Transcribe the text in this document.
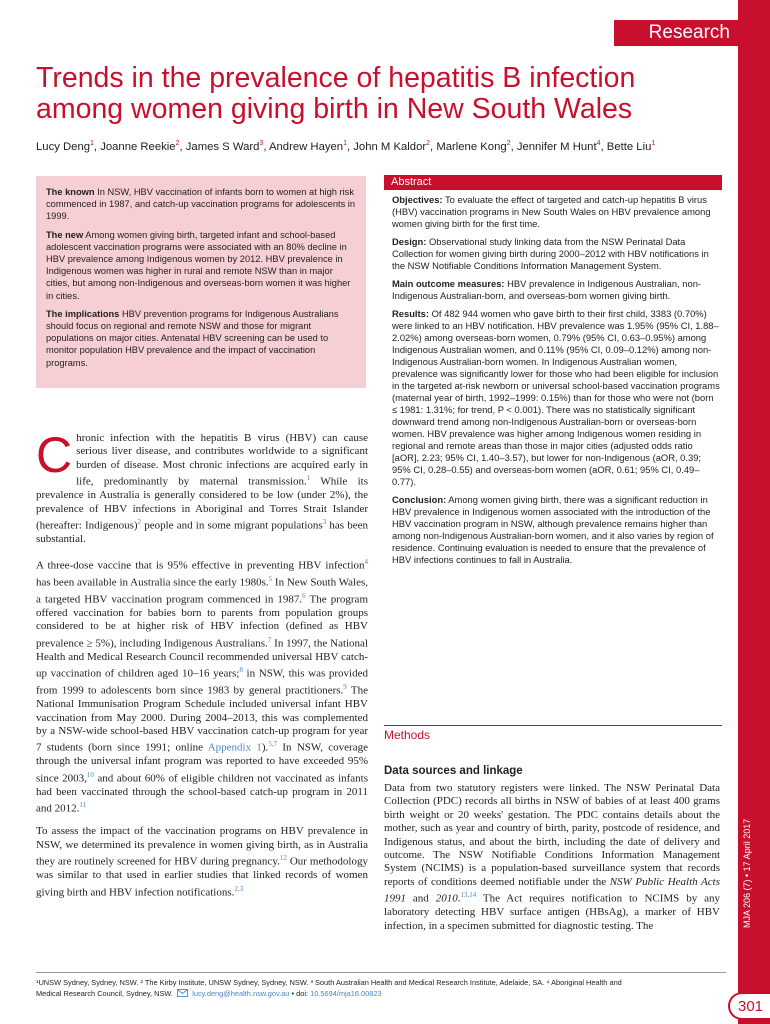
Research
MJA 206 (7) • 17 April 2017
301
Trends in the prevalence of hepatitis B infection among women giving birth in New South Wales
Lucy Deng$^1$, Joanne Reekie$^2$, James S Ward$^3$, Andrew Hayen$^1$, John M Kaldor$^2$, Marlene Kong$^2$, Jennifer M Hunt$^4$, Bette Liu$^1$

The known In NSW, HBV vaccination of infants born to women at high risk commenced in 1987, and catch-up vaccination programs for adolescents in 1999.

The new Among women giving birth, targeted infant and school-based adolescent vaccination programs were associated with an 80% decline in HBV prevalence among Indigenous women by 2012. HBV prevalence in Indigenous women was higher in rural and remote NSW than in major cities, but among non-Indigenous and overseas-born women it was higher in cities.

The implications HBV prevention programs for Indigenous Australians should focus on regional and remote NSW and those for migrant populations on major cities. Antenatal HBV screening can be used to monitor population HBV prevalence and the impact of vaccination programs.

Abstract

Objectives: To evaluate the effect of targeted and catch-up hepatitis B virus (HBV) vaccination programs in New South Wales on HBV prevalence among women giving birth for the first time.

Design: Observational study linking data from the NSW Perinatal Data Collection for women giving birth during 2000–2012 with HBV notifications in the NSW Notifiable Conditions Information Management System.

Main outcome measures: HBV prevalence in Indigenous Australian, non-Indigenous Australian-born, and overseas-born women giving birth.

Results: Of 482 944 women who gave birth to their first child, 3383 (0.70%) were linked to an HBV notification. HBV prevalence was 1.95% (95% CI, 1.88–2.02%) among overseas-born women, 0.79% (95% CI, 0.63–0.95%) among Indigenous Australian women, and 0.11% (95% CI, 0.09–0.12%) among non-Indigenous Australian-born women. In Indigenous Australian women, prevalence was significantly lower for those who had been eligible for inclusion in the targeted at-risk newborn or universal school-based vaccination programs (maternal year of birth, 1992–1999: 0.15%) than for those who were not (born ≤ 1981: 1.31%; for trend, P < 0.001). There was no statistically significant downward trend among non-Indigenous Australian-born or overseas-born women. HBV prevalence was higher among Indigenous women residing in regional and remote areas than those in major cities (adjusted odds ratio [aOR], 2.23; 95% CI, 1.40–3.57), but lower for non-Indigenous (aOR, 0.39; 95% CI, 0.28–0.55) and overseas-born women (aOR, 0.61; 95% CI, 0.49–0.77).

Conclusion: Among women giving birth, there was a significant reduction in HBV prevalence in Indigenous women associated with the introduction of the HBV vaccination program in NSW, although prevalence remains higher than among non-Indigenous Australian-born women, and it also varies by region of residence. Continuing evaluation is needed to ensure that the prevalence of HBV infections continues to fall in Australia.

Chronic infection with the hepatitis B virus (HBV) can cause serious liver disease, and contributes worldwide to a significant burden of disease. Most chronic infections are acquired early in life, predominantly by maternal transmission.$^1$ While its prevalence in Australia is generally considered to be low (under 2%), the prevalence of HBV infections in Aboriginal and Torres Strait Islander (hereafter: Indigenous)$^2$ people and in some migrant populations$^3$ has been substantial.

A three-dose vaccine that is 95% effective in preventing HBV infection$^4$ has been available in Australia since the early 1980s.$^5$ In New South Wales, a targeted HBV vaccination program commenced in 1987.$^6$ The program offered vaccination for babies born to parents from population groups considered to be at higher risk of HBV infection (defined as HBV prevalence ≥ 5%), including Indigenous Australians.$^7$ In 1997, the National Health and Medical Research Council recommended universal HBV catch-up vaccination of children aged 10–16 years;$^8$ in NSW, this was provided from 1999 to adolescents born since 1983 by general practitioners.$^9$ The National Immunisation Program Schedule included universal infant HBV vaccination from May 2000. During 2004–2013, this was complemented by a NSW-wide school-based HBV vaccination catch-up program for year 7 students (born since 1991; online Appendix 1).$^{5,7}$ In NSW, coverage through the universal infant program was reported to have exceeded 95% since 2003,10 and about 60% of eligible children not vaccinated as infants had been vaccinated through the school-based catch-up program in 2011 and 2012.11

To assess the impact of the vaccination programs on HBV prevalence in NSW, we determined its prevalence in women giving birth, as in Australia they are routinely screened for HBV during pregnancy.$^{12}$ Our methodology was similar to that used in earlier studies that linked records of women giving birth and HBV infection notifications.$^{2,3}$

Methods
Data sources and linkage
Data from two statutory registers were linked. The NSW Perinatal Data Collection (PDC) records all births in NSW of babies of at least 400 grams birth weight or 20 weeks' gestation. The PDC contains details about the mother, such as year and country of birth, parity, postcode of residence, and Indigenous status, and about the birth, including the date of delivery and outcome. The NSW Notifiable Conditions Information Management System (NCIMS) is a population-based surveillance system that records reports of conditions deemed notifiable under the NSW Public Health Acts 1991 and 2010.$^{13,14}$ The Act requires notification to NCIMS by any laboratory detecting HBV surface antigen (HBsAg), a marker of HBV infection, in a specimen submitted for diagnostic testing. The
¹UNSW Sydney, Sydney, NSW. ² The Kirby Institute, UNSW Sydney, Sydney, NSW. ³ South Australian Health and Medical Research Institute, Adelaide, SA. ⁴ Aboriginal Health and
Medical Research Council, Sydney, NSW.	lucy.deng@health.nsw.gov.au • doi: 10.5694/mja16.00823
